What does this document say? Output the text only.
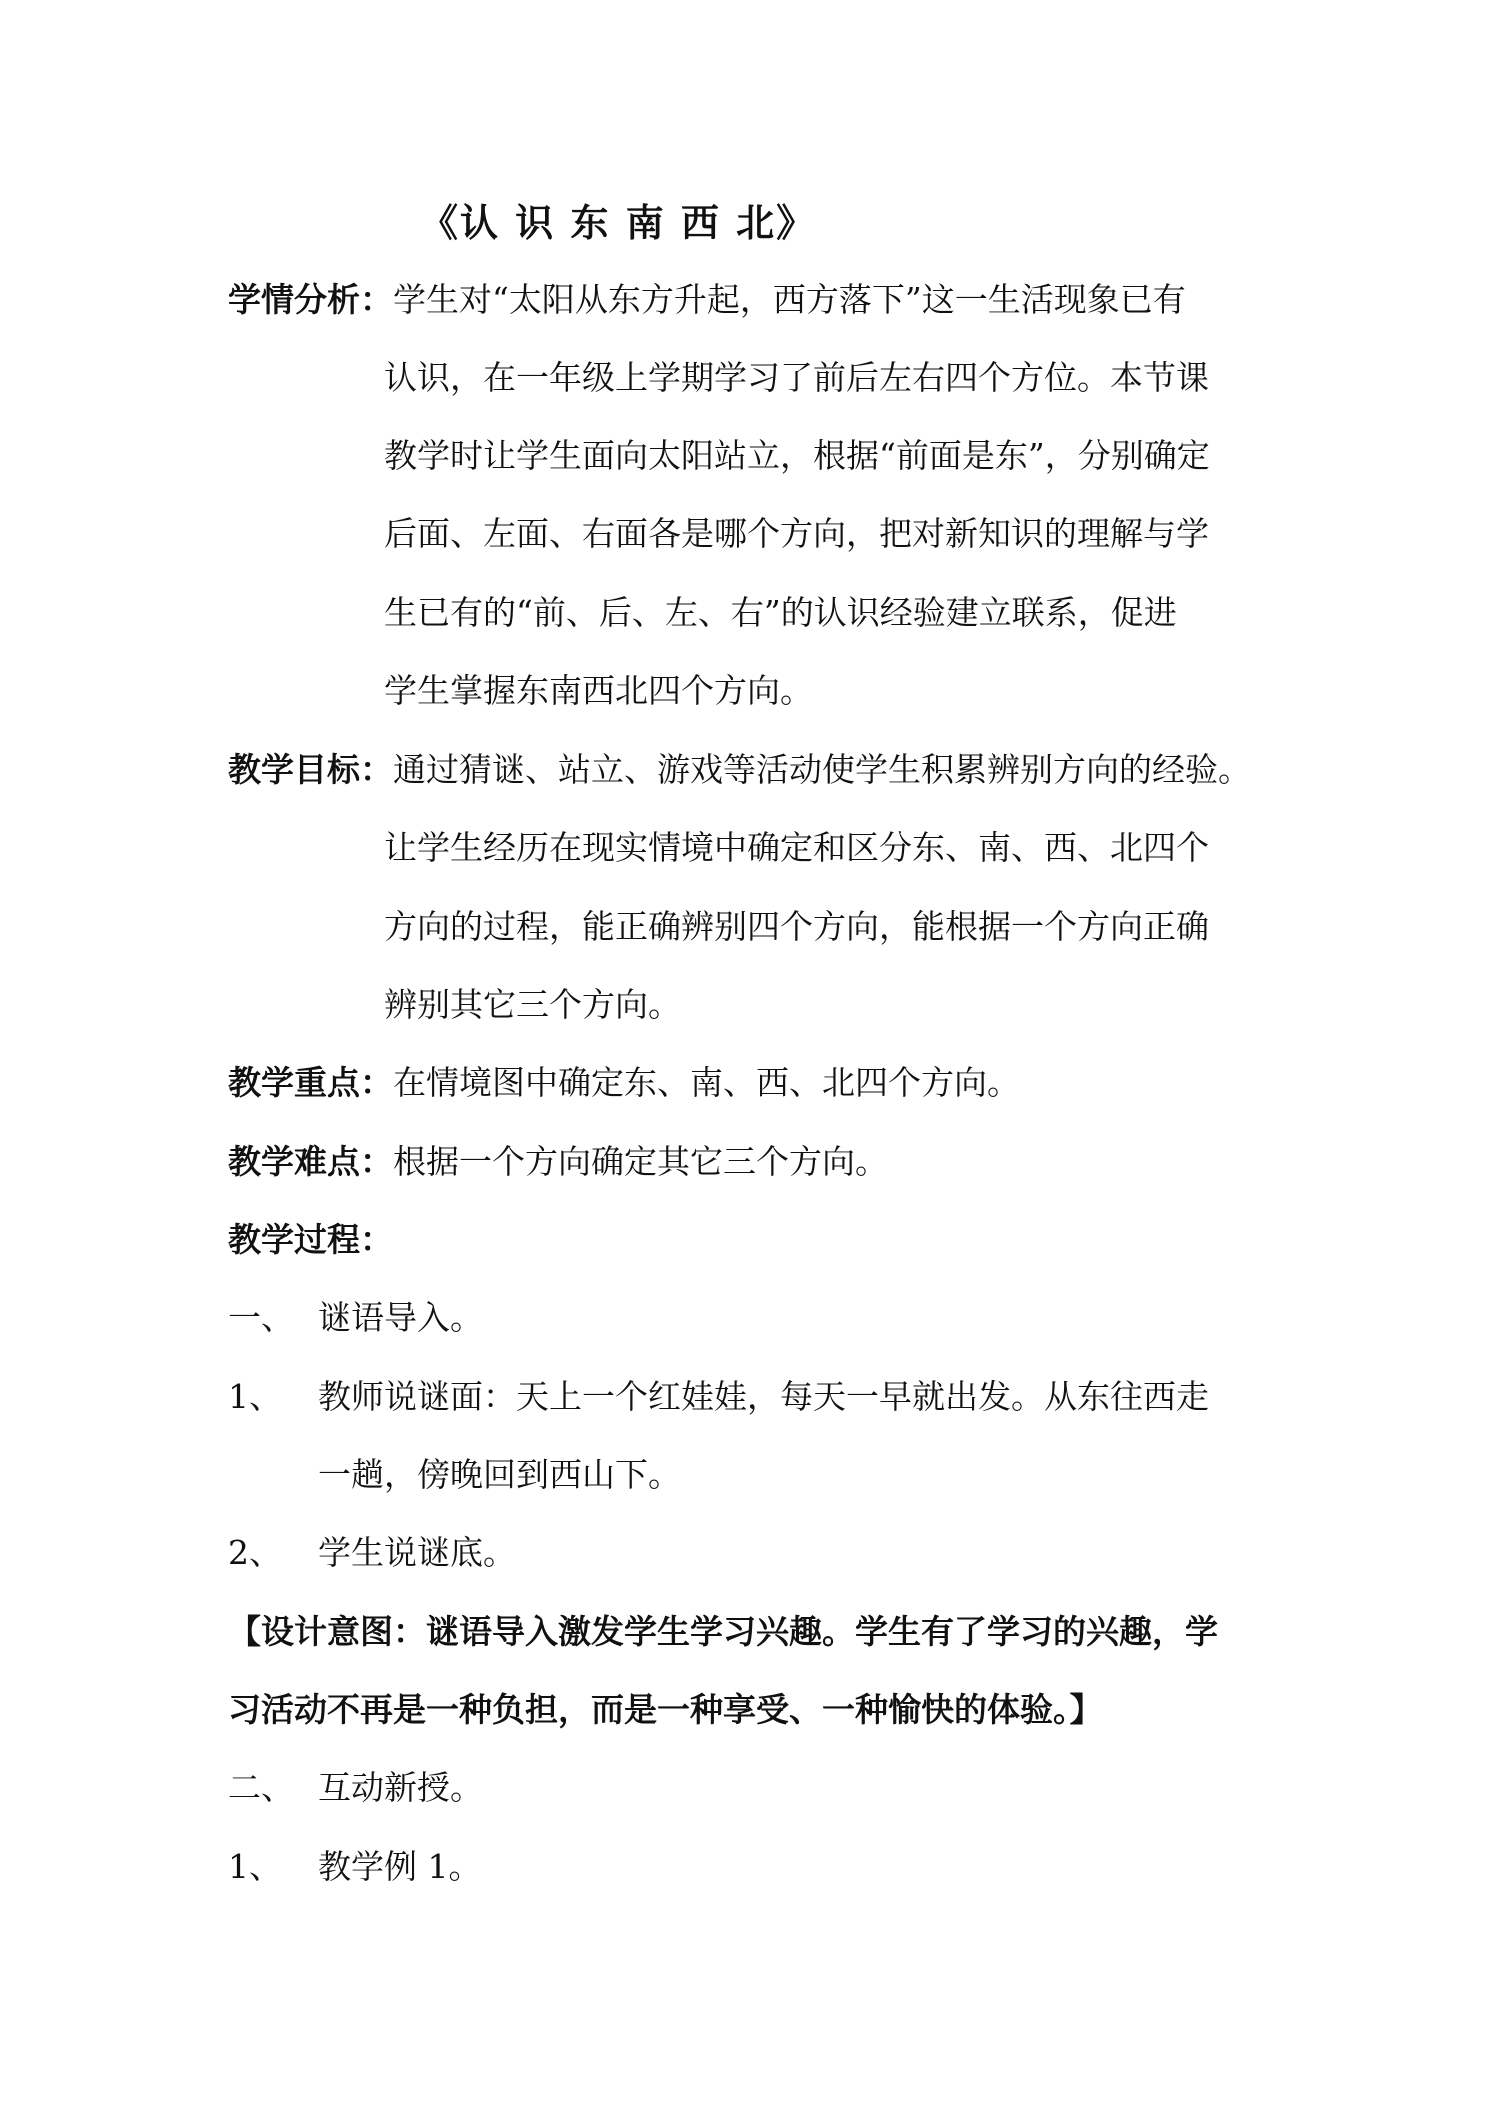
《认 识 东 南 西 北》
学情分析：学生对“太阳从东方升起，西方落下”这一生活现象已有
认识，在一年级上学期学习了前后左右四个方位。本节课
教学时让学生面向太阳站立，根据“前面是东”，分别确定
后面、左面、右面各是哪个方向，把对新知识的理解与学
生已有的“前、后、左、右”的认识经验建立联系，促进
学生掌握东南西北四个方向。
教学目标：通过猜谜、站立、游戏等活动使学生积累辨别方向的经验。
让学生经历在现实情境中确定和区分东、南、西、北四个
方向的过程，能正确辨别四个方向，能根据一个方向正确
辨别其它三个方向。
教学重点：在情境图中确定东、南、西、北四个方向。
教学难点：根据一个方向确定其它三个方向。
教学过程：
一、 谜语导入。
1、 教师说谜面：天上一个红娃娃，每天一早就出发。从东往西走
一趟，傍晚回到西山下。
2、 学生说谜底。
【设计意图：谜语导入激发学生学习兴趣。学生有了学习的兴趣，学
习活动不再是一种负担，而是一种享受、一种愉快的体验。】
二、 互动新授。
1、 教学例 1。
